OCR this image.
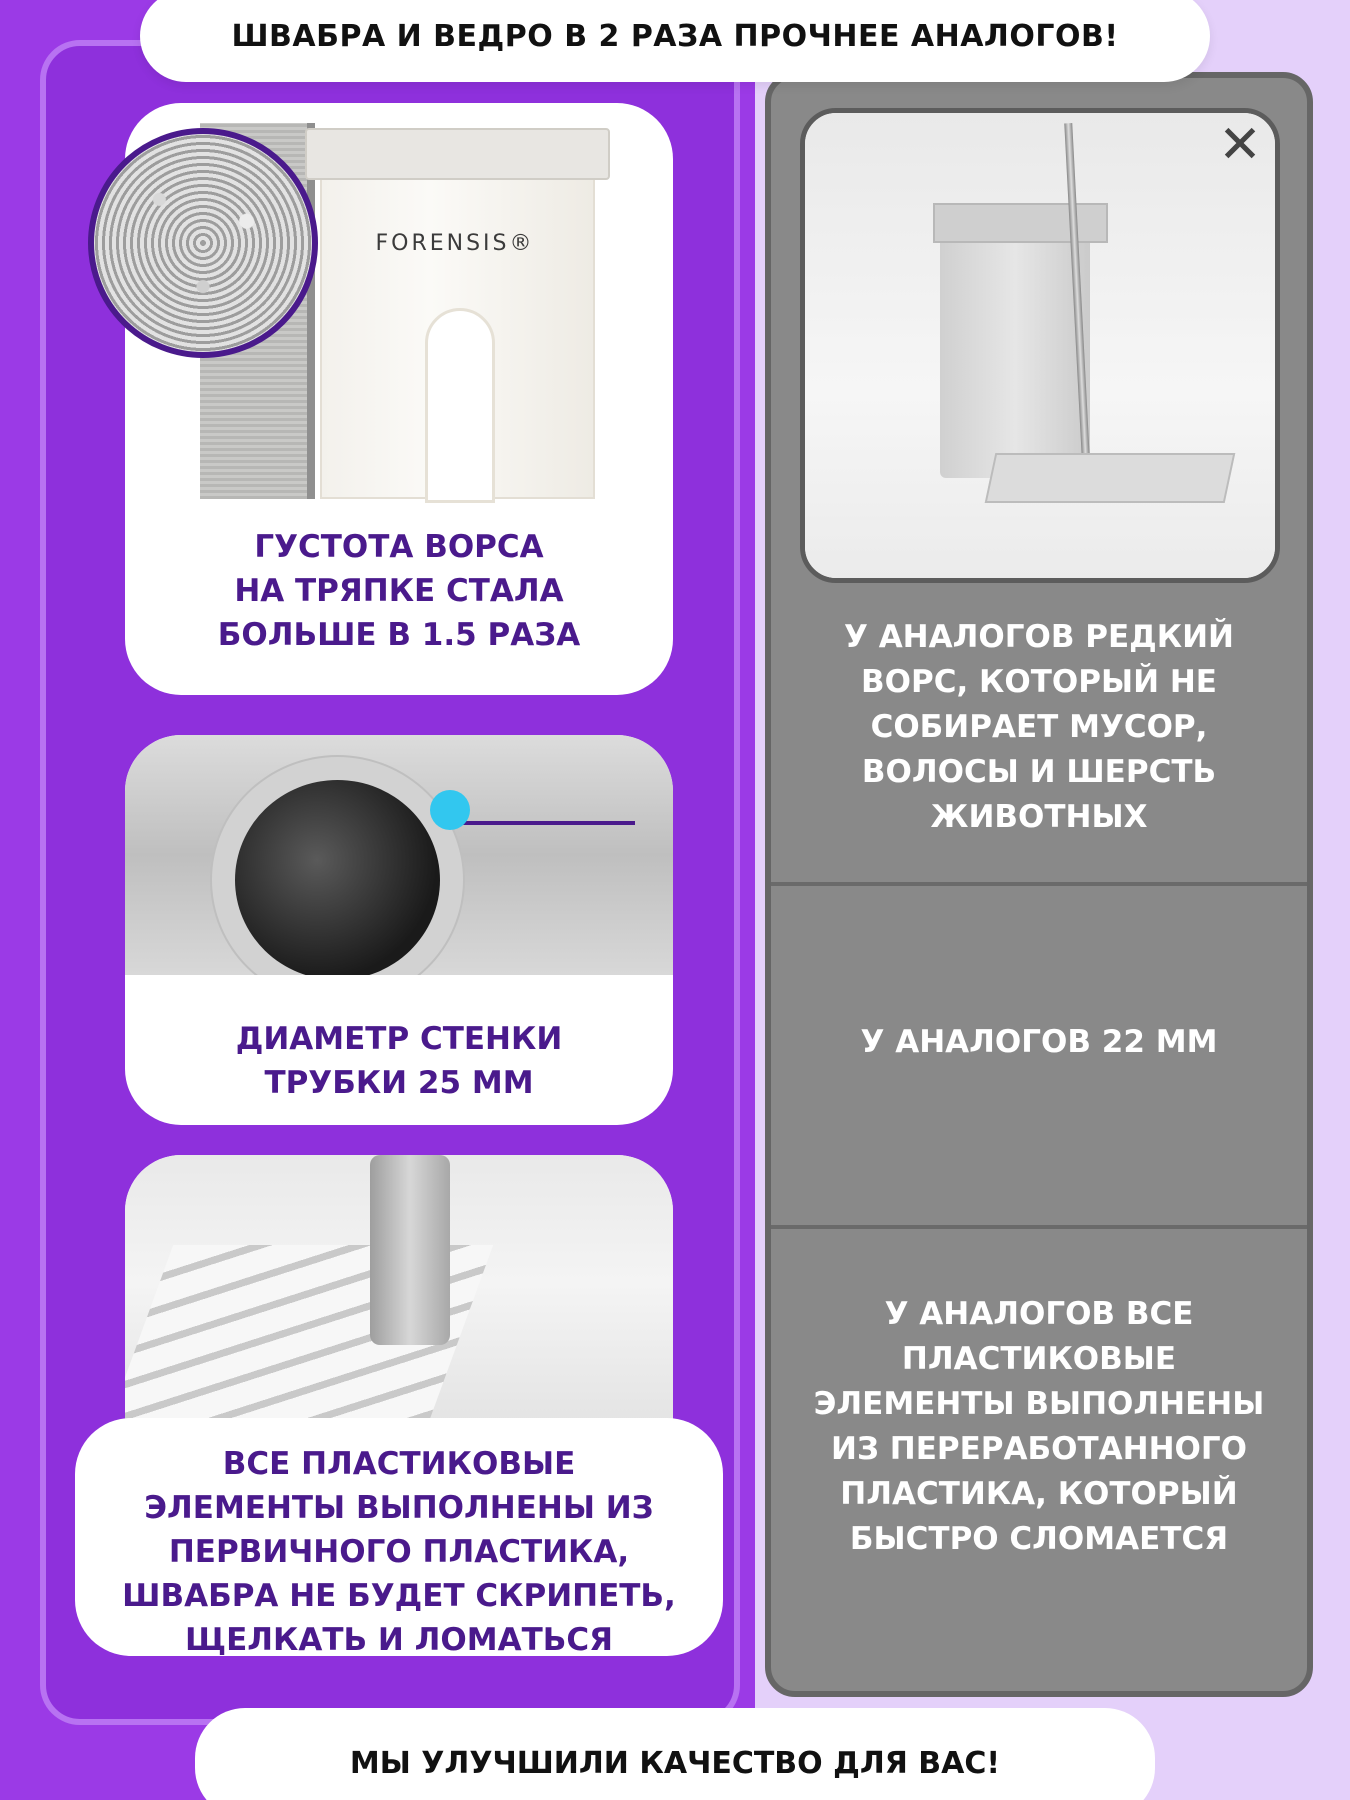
FORENSIS®
ГУСТОТА ВОРСА
НА ТРЯПКЕ СТАЛА
БОЛЬШЕ В 1.5 РАЗА
ДИАМЕТР СТЕНКИ
ТРУБКИ 25 ММ
ВСЕ ПЛАСТИКОВЫЕ
ЭЛЕМЕНТЫ ВЫПОЛНЕНЫ ИЗ
ПЕРВИЧНОГО ПЛАСТИКА,
ШВАБРА НЕ БУДЕТ СКРИПЕТЬ,
ЩЕЛКАТЬ И ЛОМАТЬСЯ
✕
У АНАЛОГОВ РЕДКИЙ
ВОРС, КОТОРЫЙ НЕ
СОБИРАЕТ МУСОР,
ВОЛОСЫ И ШЕРСТЬ
ЖИВОТНЫХ
У АНАЛОГОВ 22 ММ
У АНАЛОГОВ ВСЕ
ПЛАСТИКОВЫЕ
ЭЛЕМЕНТЫ ВЫПОЛНЕНЫ
ИЗ ПЕРЕРАБОТАННОГО
ПЛАСТИКА, КОТОРЫЙ
БЫСТРО СЛОМАЕТСЯ
ШВАБРА И ВЕДРО В 2 РАЗА ПРОЧНЕЕ АНАЛОГОВ!
МЫ УЛУЧШИЛИ КАЧЕСТВО ДЛЯ ВАС!
